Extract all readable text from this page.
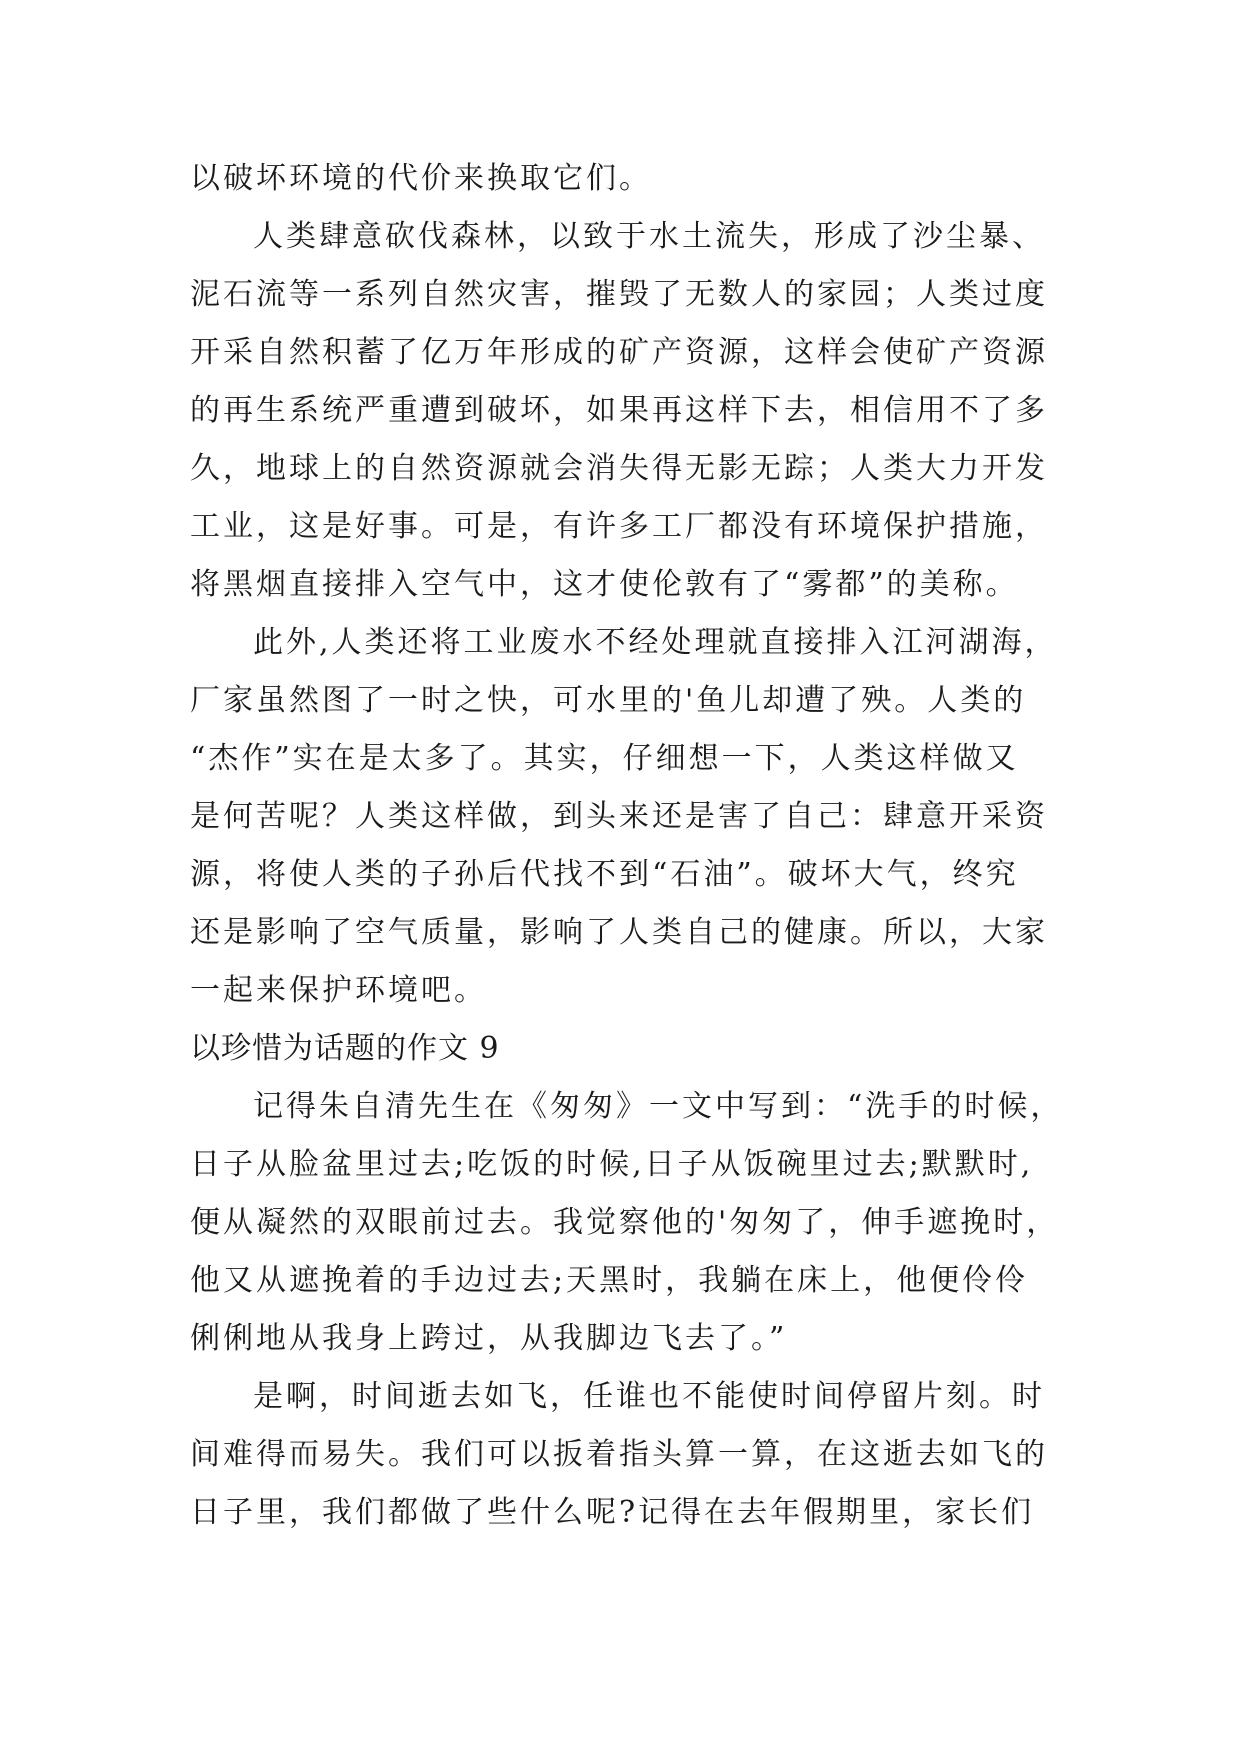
以破坏环境的代价来换取它们。
人类肆意砍伐森林，以致于水土流失，形成了沙尘暴、
泥石流等一系列自然灾害，摧毁了无数人的家园；人类过度
开采自然积蓄了亿万年形成的矿产资源，这样会使矿产资源
的再生系统严重遭到破坏，如果再这样下去，相信用不了多
久，地球上的自然资源就会消失得无影无踪；人类大力开发
工业，这是好事。可是，有许多工厂都没有环境保护措施，
将黑烟直接排入空气中，这才使伦敦有了“雾都”的美称。
此外,人类还将工业废水不经处理就直接排入江河湖海，
厂家虽然图了一时之快，可水里的'鱼儿却遭了殃。人类的
“杰作”实在是太多了。其实，仔细想一下，人类这样做又
是何苦呢？人类这样做，到头来还是害了自己：肆意开采资
源，将使人类的子孙后代找不到“石油”。破坏大气，终究
还是影响了空气质量，影响了人类自己的健康。所以，大家
一起来保护环境吧。
以珍惜为话题的作文 9
记得朱自清先生在《匆匆》一文中写到：“洗手的时候，
日子从脸盆里过去;吃饭的时候,日子从饭碗里过去;默默时,
便从凝然的双眼前过去。我觉察他的'匆匆了，伸手遮挽时，
他又从遮挽着的手边过去;天黑时，我躺在床上，他便伶伶
俐俐地从我身上跨过，从我脚边飞去了。”
是啊，时间逝去如飞，任谁也不能使时间停留片刻。时
间难得而易失。我们可以扳着指头算一算，在这逝去如飞的
日子里，我们都做了些什么呢?记得在去年假期里，家长们
